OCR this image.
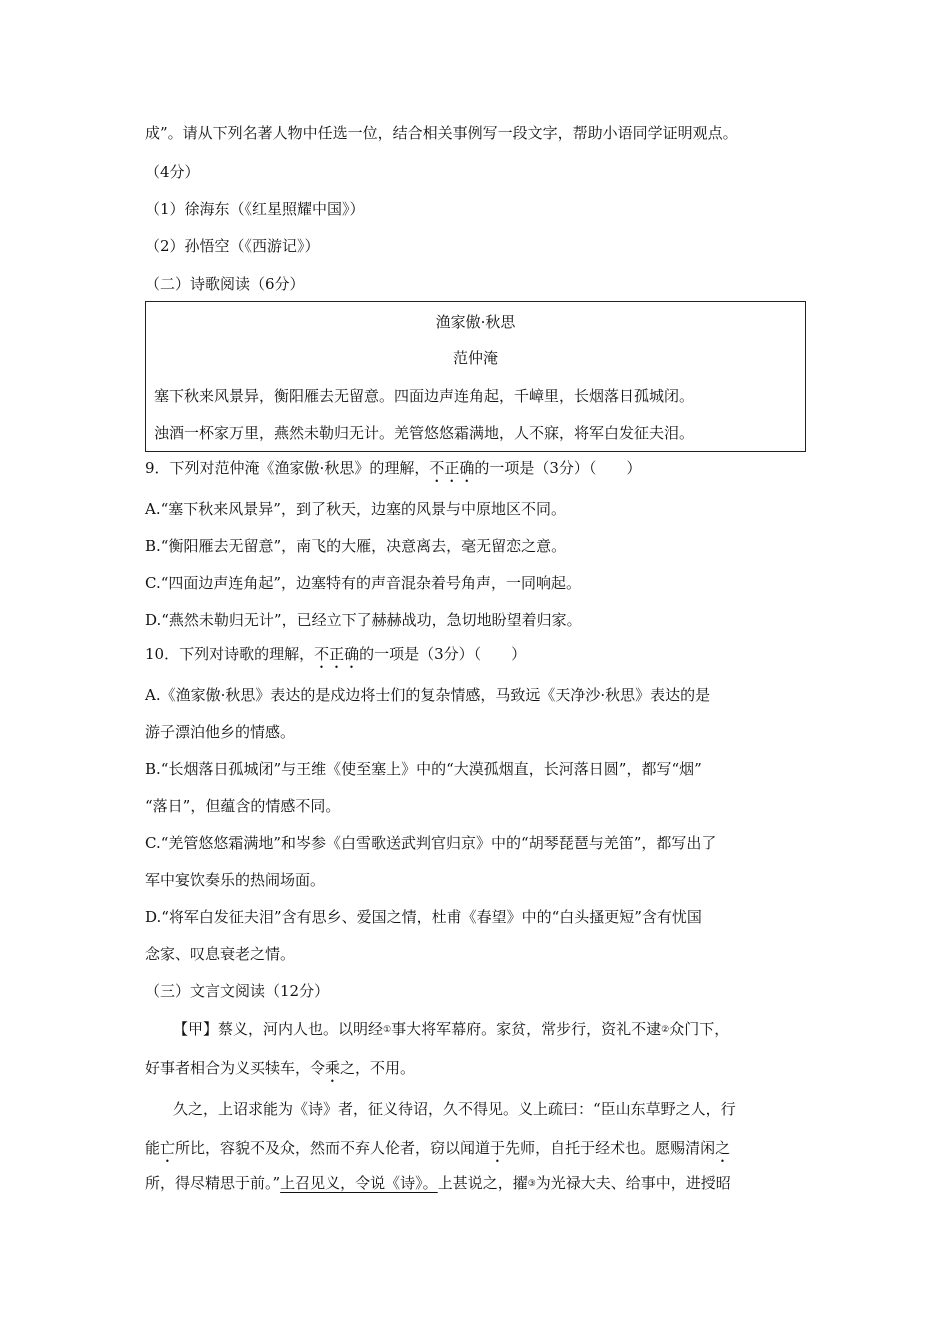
成”。请从下列名著人物中任选一位，结合相关事例写一段文字，帮助小语同学证明观点。
（4分）
（1）徐海东（《红星照耀中国》）
（2）孙悟空（《西游记》）
（二）诗歌阅读（6分）
渔家傲·秋思
范仲淹
塞下秋来风景异，衡阳雁去无留意。四面边声连角起，千嶂里，长烟落日孤城闭。
浊酒一杯家万里，燕然未勒归无计。羌管悠悠霜满地，人不寐，将军白发征夫泪。
9．下列对范仲淹《渔家傲·秋思》的理解，不正确的一项是（3分）（　　）
A.“塞下秋来风景异”，到了秋天，边塞的风景与中原地区不同。
B.“衡阳雁去无留意”，南飞的大雁，决意离去，毫无留恋之意。
C.“四面边声连角起”，边塞特有的声音混杂着号角声，一同响起。
D.“燕然未勒归无计”，已经立下了赫赫战功，急切地盼望着归家。
10．下列对诗歌的理解，不正确的一项是（3分）（　　）
A.《渔家傲·秋思》表达的是戍边将士们的复杂情感，马致远《天净沙·秋思》表达的是
游子漂泊他乡的情感。
B.“长烟落日孤城闭”与王维《使至塞上》中的“大漠孤烟直，长河落日圆”，都写“烟”
“落日”，但蕴含的情感不同。
C.“羌管悠悠霜满地”和岑参《白雪歌送武判官归京》中的“胡琴琵琶与羌笛”，都写出了
军中宴饮奏乐的热闹场面。
D.“将军白发征夫泪”含有思乡、爱国之情，杜甫《春望》中的“白头搔更短”含有忧国
念家、叹息衰老之情。
（三）文言文阅读（12分）
【甲】蔡义，河内人也。以明经①事大将军幕府。家贫，常步行，资礼不逮②众门下，
好事者相合为义买犊车，令乘之，不用。
久之，上诏求能为《诗》者，征义待诏，久不得见。义上疏曰：“臣山东草野之人，行
能亡所比，容貌不及众，然而不弃人伦者，窃以闻道于先师，自托于经术也。愿赐清闲之
所，得尽精思于前。”上召见义，令说《诗》。上甚说之，擢③为光禄大夫、给事中，进授昭
